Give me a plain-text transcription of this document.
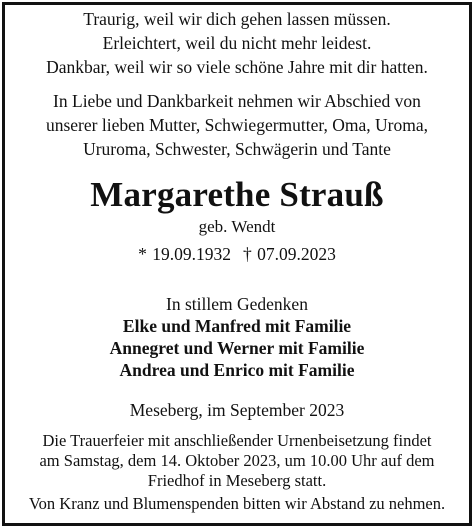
Traurig, weil wir dich gehen lassen müssen.
Erleichtert, weil du nicht mehr leidest.
Dankbar, weil wir so viele schöne Jahre mit dir hatten.
In Liebe und Dankbarkeit nehmen wir Abschied von
unserer lieben Mutter, Schwiegermutter, Oma, Uroma,
Ururoma, Schwester, Schwägerin und Tante
Margarethe Strauß
geb. Wendt
* 19.09.1932 † 07.09.2023
In stillem Gedenken
Elke und Manfred mit Familie
Annegret und Werner mit Familie
Andrea und Enrico mit Familie
Meseberg, im September 2023
Die Trauerfeier mit anschließender Urnenbeisetzung findet
am Samstag, dem 14. Oktober 2023, um 10.00 Uhr auf dem
Friedhof in Meseberg statt.
Von Kranz und Blumenspenden bitten wir Abstand zu nehmen.
